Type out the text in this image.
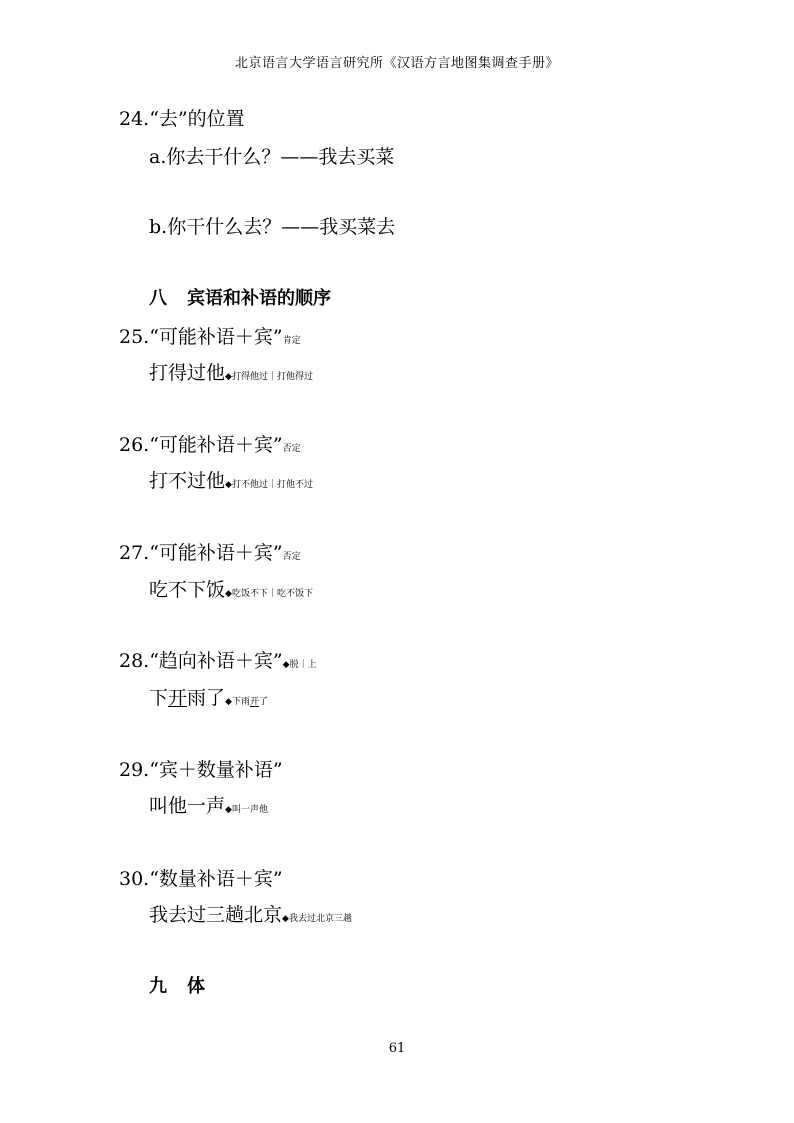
北京语言大学语言研究所《汉语方言地图集调查手册》
24.“去”的位置
a.你去干什么？——我去买菜
b.你干什么去？——我买菜去
八 宾语和补语的顺序
25.“可能补语＋宾”肯定
打得过他◆打得他过｜打他得过
26.“可能补语＋宾”否定
打不过他◆打不他过｜打他不过
27.“可能补语＋宾”否定
吃不下饭◆吃饭不下｜吃不饭下
28.“趋向补语＋宾”◆脱｜上
下开雨了◆下雨开了
29.“宾＋数量补语”
叫他一声◆叫一声他
30.“数量补语＋宾”
我去过三趟北京◆我去过北京三趟
九 体
61
